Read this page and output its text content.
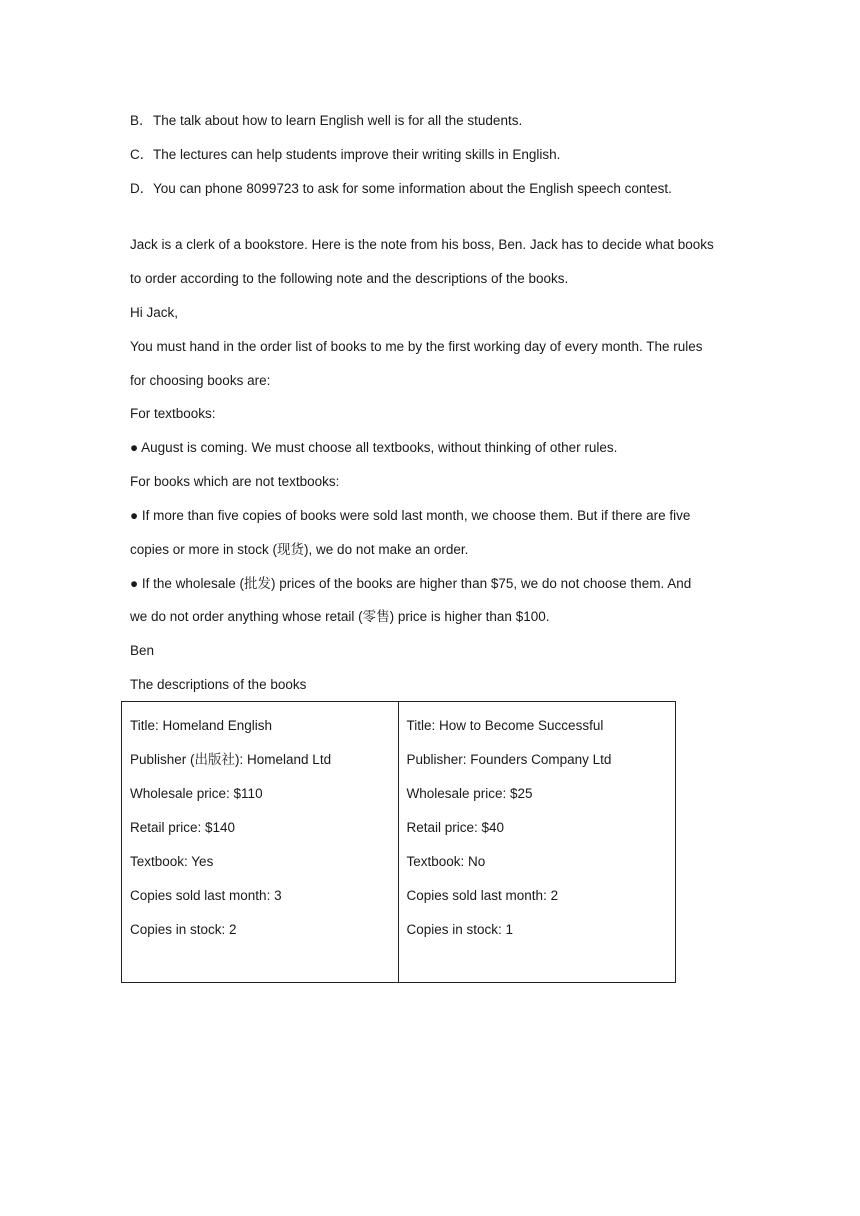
B．The talk about how to learn English well is for all the students.
C．The lectures can help students improve their writing skills in English.
D．You can phone 8099723 to ask for some information about the English speech contest.
Jack is a clerk of a bookstore. Here is the note from his boss, Ben. Jack has to decide what books
to order according to the following note and the descriptions of the books.
Hi Jack,
You must hand in the order list of books to me by the first working day of every month. The rules
for choosing books are:
For textbooks:
● August is coming. We must choose all textbooks, without thinking of other rules.
For books which are not textbooks:
● If more than five copies of books were sold last month, we choose them. But if there are five
copies or more in stock (现货), we do not make an order.
● If the wholesale (批发) prices of the books are higher than $75, we do not choose them. And
we do not order anything whose retail (零售) price is higher than $100.
Ben
The descriptions of the books
Title: Homeland English
Publisher (出版社): Homeland Ltd
Wholesale price: $110
Retail price: $140
Textbook: Yes
Copies sold last month: 3
Copies in stock: 2
Title: How to Become Successful
Publisher: Founders Company Ltd
Wholesale price: $25
Retail price: $40
Textbook: No
Copies sold last month: 2
Copies in stock: 1
